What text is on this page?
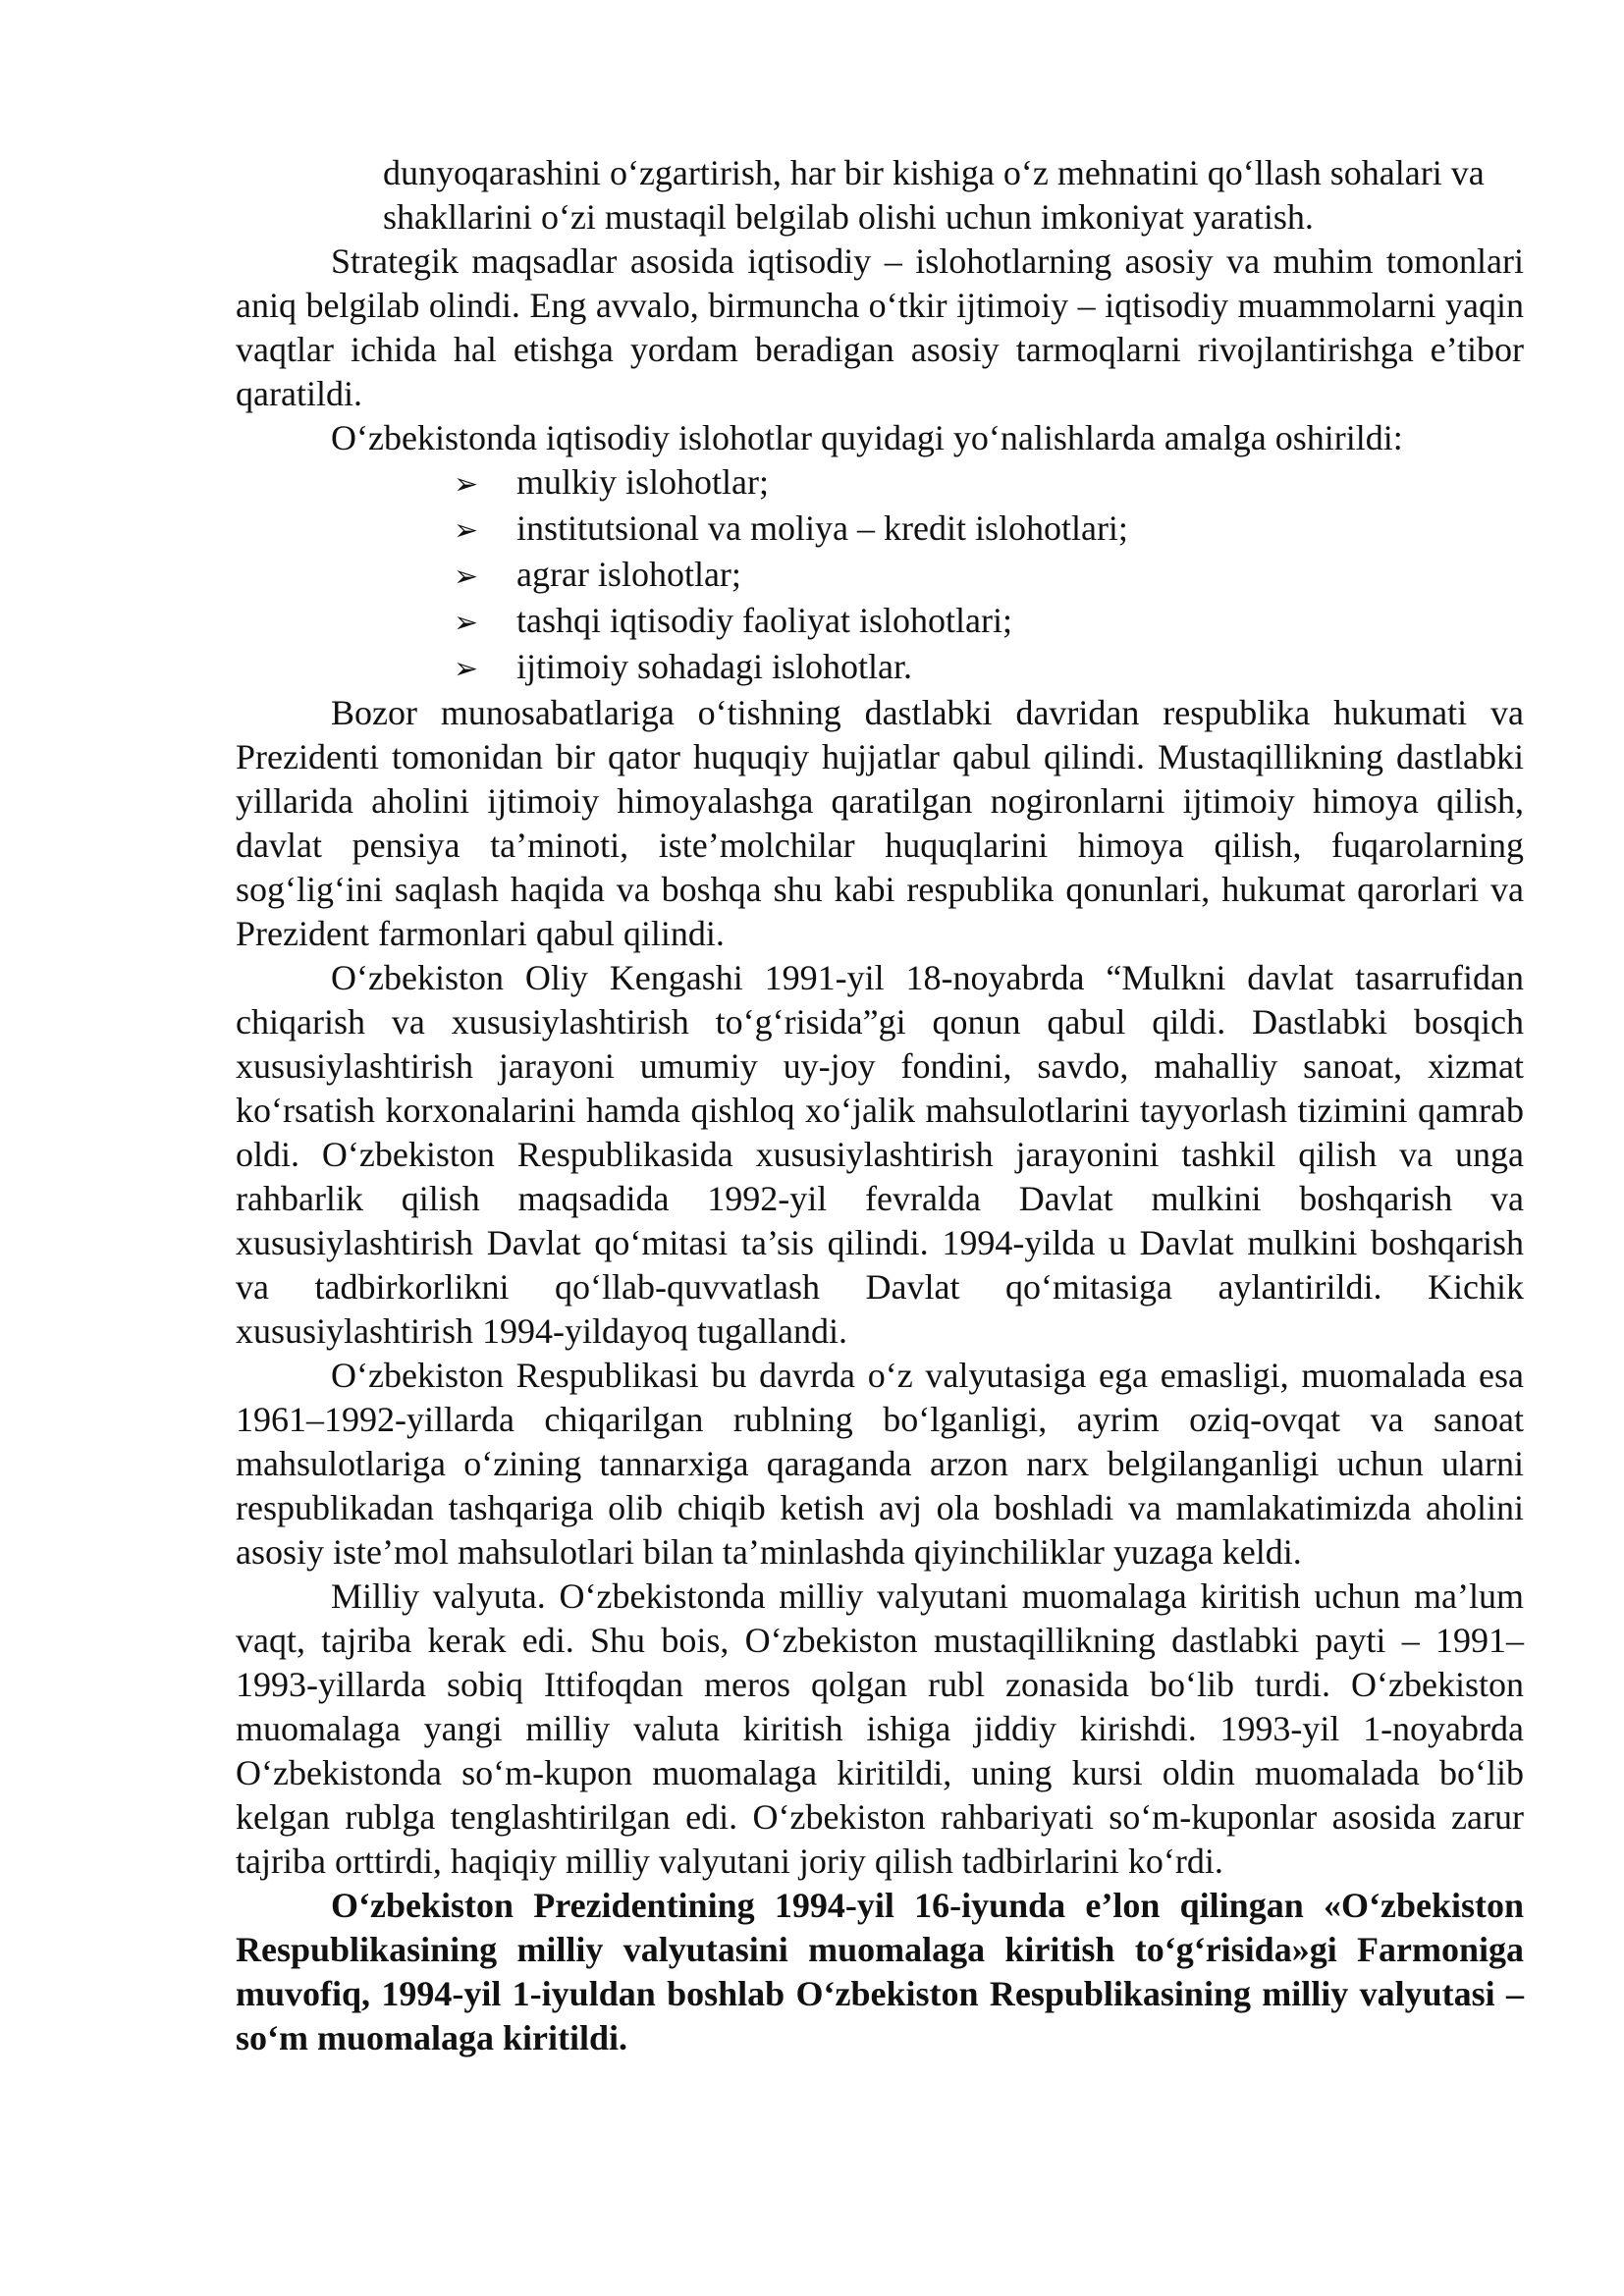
dunyoqarashini o‘zgartirish, har bir kishiga o‘z mehnatini qo‘llash sohalari va shakllarini o‘zi mustaqil belgilab olishi uchun imkoniyat yaratish.

Strategik maqsadlar asosida iqtisodiy – islohotlarning asosiy va muhim tomonlari aniq belgilab olindi. Eng avvalo, birmuncha o‘tkir ijtimoiy – iqtisodiy muammolarni yaqin vaqtlar ichida hal etishga yordam beradigan asosiy tarmoqlarni rivojlantirishga e’tibor qaratildi.

O‘zbekistonda iqtisodiy islohotlar quyidagi yo‘nalishlarda amalga oshirildi:

➢	mulkiy islohotlar;
➢	institutsional va moliya – kredit islohotlari;
➢	agrar islohotlar;
➢	tashqi iqtisodiy faoliyat islohotlari;
➢	ijtimoiy sohadagi islohotlar.

Bozor munosabatlariga o‘tishning dastlabki davridan respublika hukumati va Prezidenti tomonidan bir qator huquqiy hujjatlar qabul qilindi. Mustaqillikning dastlabki yillarida aholini ijtimoiy himoyalashga qaratilgan nogironlarni ijtimoiy himoya qilish, davlat pensiya ta’minoti, iste’molchilar huquqlarini himoya qilish, fuqarolarning sog‘lig‘ini saqlash haqida va boshqa shu kabi respublika qonunlari, hukumat qarorlari va Prezident farmonlari qabul qilindi.

O‘zbekiston Oliy Kengashi 1991-yil 18-noyabrda “Mulkni davlat tasarrufidan chiqarish va xususiylashtirish to‘g‘risida”gi qonun qabul qildi. Dastlabki bosqich xususiylashtirish jarayoni umumiy uy-joy fondini, savdo, mahalliy sanoat, xizmat ko‘rsatish korxonalarini hamda qishloq xo‘jalik mahsulotlarini tayyorlash tizimini qamrab oldi. O‘zbekiston Respublikasida xususiylashtirish jarayonini tashkil qilish va unga rahbarlik qilish maqsadida 1992-yil fevralda Davlat mulkini boshqarish va xususiylashtirish Davlat qo‘mitasi ta’sis qilindi. 1994-yilda u Davlat mulkini boshqarish va tadbirkorlikni qo‘llab-quvvatlash Davlat qo‘mitasiga aylantirildi. Kichik xususiylashtirish 1994-yildayoq tugallandi.

O‘zbekiston Respublikasi bu davrda o‘z valyutasiga ega emasligi, muomalada esa 1961–1992-yillarda chiqarilgan rublning bo‘lganligi, ayrim oziq-ovqat va sanoat mahsulotlariga o‘zining tannarxiga qaraganda arzon narx belgilanganligi uchun ularni respublikadan tashqariga olib chiqib ketish avj ola boshladi va mamlakatimizda aholini asosiy iste’mol mahsulotlari bilan ta’minlashda qiyinchiliklar yuzaga keldi.

Milliy valyuta. O‘zbekistonda milliy valyutani muomalaga kiritish uchun ma’lum vaqt, tajriba kerak edi. Shu bois, O‘zbekiston mustaqillikning dastlabki payti – 1991–1993-yillarda sobiq Ittifoqdan meros qolgan rubl zonasida bo‘lib turdi. O‘zbekiston muomalaga yangi milliy valuta kiritish ishiga jiddiy kirishdi. 1993-yil 1-noyabrda O‘zbekistonda so‘m-kupon muomalaga kiritildi, uning kursi oldin muomalada bo‘lib kelgan rublga tenglashtirilgan edi. O‘zbekiston rahbariyati so‘m-kuponlar asosida zarur tajriba orttirdi, haqiqiy milliy valyutani joriy qilish tadbirlarini ko‘rdi.

O‘zbekiston Prezidentining 1994-yil 16-iyunda e’lon qilingan «O‘zbekiston Respublikasining milliy valyutasini muomalaga kiritish to‘g‘risida»gi Farmoniga muvofiq, 1994-yil 1-iyuldan boshlab O‘zbekiston Respublikasining milliy valyutasi – so‘m muomalaga kiritildi.
